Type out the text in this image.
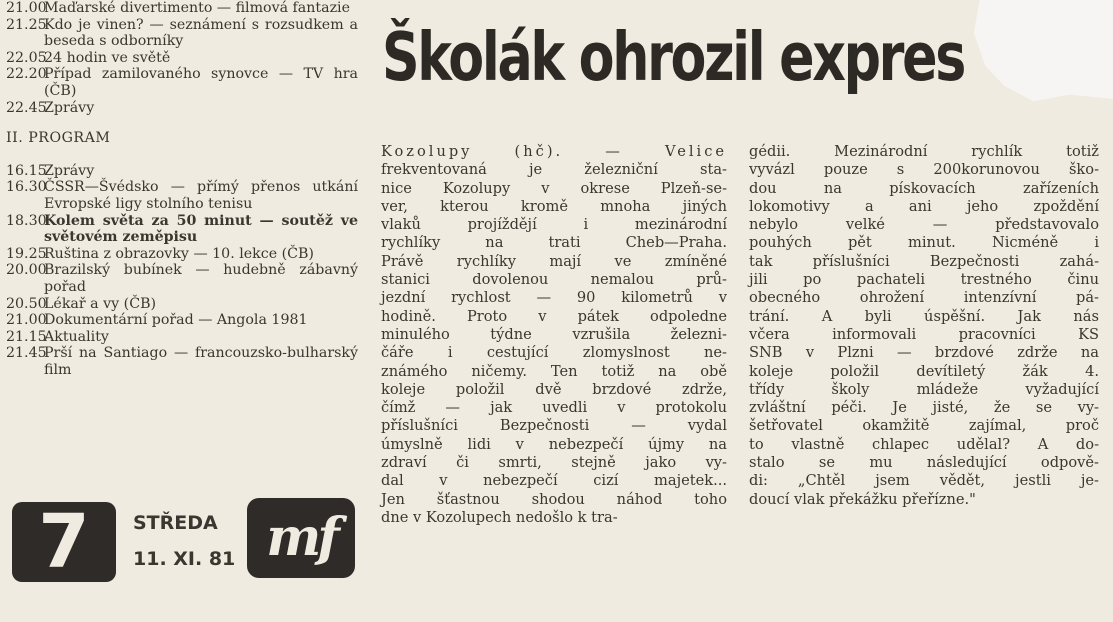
21.00
Maďarské divertimento — filmová fantazie
21.25
Kdo je vinen? — seznámení s rozsudkem a beseda s odborníky
22.05
24 hodin ve světě
22.20
Případ zamilovaného synovce — TV hra (ČB)
22.45
Zprávy
II. PROGRAM
16.15
Zprávy
16.30
ČSSR—Švédsko — přímý přenos utkání Evropské ligy stolního tenisu
18.30
Kolem světa za 50 minut — soutěž ve světovém zeměpisu
19.25
Ruština z obrazovky — 10. lekce (ČB)
20.00
Brazilský bubínek — hudebně zábavný pořad
20.50
Lékař a vy (ČB)
21.00
Dokumentární pořad — Angola 1981
21.15
Aktuality
21.45
Prší na Santiago — francouzsko-bulharský film
7	STŘEDA
11. XI. 81 mf
Školák ohrozil expres
Kozolupy (hč). — Velice
frekventovaná je železniční sta-
nice Kozolupy v okrese Plzeň-se-
ver, kterou kromě mnoha jiných
vlaků projíždějí i mezinárodní
rychlíky na trati Cheb—Praha.
Právě rychlíky mají ve zmíněné
stanici dovolenou nemalou prů-
jezdní rychlost — 90 kilometrů v
hodině. Proto v pátek odpoledne
minulého týdne vzrušila železni-
čáře i cestující zlomyslnost ne-
známého ničemy. Ten totiž na obě
koleje položil dvě brzdové zdrže,
čímž — jak uvedli v protokolu
příslušníci Bezpečnosti — vydal
úmyslně lidi v nebezpečí újmy na
zdraví či smrti, stejně jako vy-
dal v nebezpečí cizí majetek...
Jen šťastnou shodou náhod toho
dne v Kozolupech nedošlo k tra-
gédii. Mezinárodní rychlík totiž
vyvázl pouze s 200korunovou ško-
dou na pískovacích zařízeních
lokomotivy a ani jeho zpoždění
nebylo velké — představovalo
pouhých pět minut. Nicméně i
tak příslušníci Bezpečnosti zahá-
jili po pachateli trestného činu
obecného ohrožení intenzívní pá-
trání. A byli úspěšní. Jak nás
včera informovali pracovníci KS
SNB v Plzni — brzdové zdrže na
koleje položil devítiletý žák 4.
třídy školy mládeže vyžadující
zvláštní péči. Je jisté, že se vy-
šetřovatel okamžitě zajímal, proč
to vlastně chlapec udělal? A do-
stalo se mu následující odpově-
di: „Chtěl jsem vědět, jestli je-
doucí vlak překážku přeřízne."
